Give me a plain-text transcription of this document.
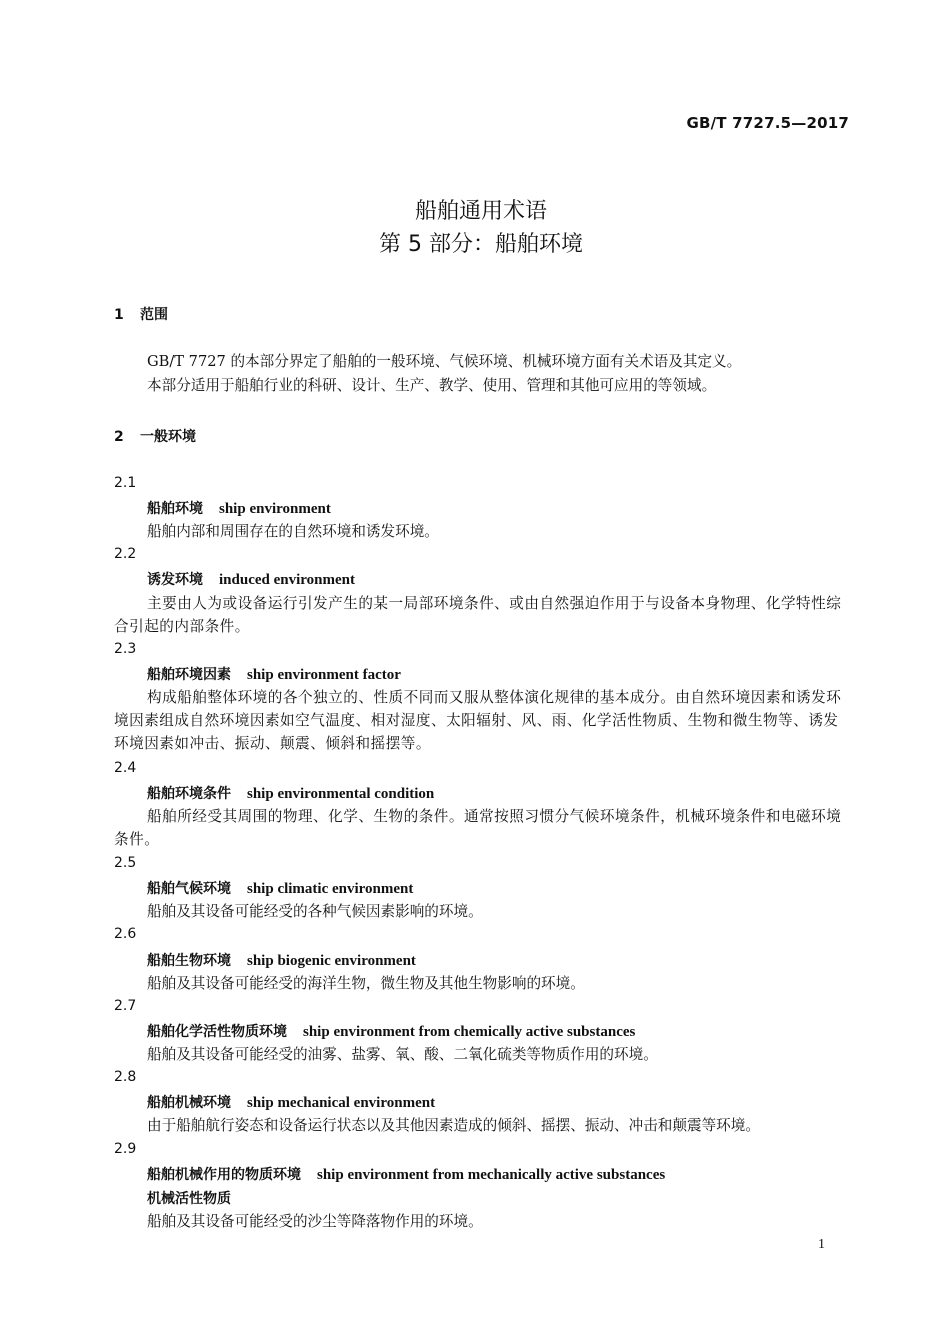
GB/T 7727.5—2017
船舶通用术语
第 5 部分：船舶环境
1 范围
GB/T 7727 的本部分界定了船舶的一般环境、气候环境、机械环境方面有关术语及其定义。
本部分适用于船舶行业的科研、设计、生产、教学、使用、管理和其他可应用的等领域。
2 一般环境
2.1
船舶环境 ship environment
船舶内部和周围存在的自然环境和诱发环境。
2.2
诱发环境 induced environment
主要由人为或设备运行引发产生的某一局部环境条件、或由自然强迫作用于与设备本身物理、化学特性综合引起的内部条件。
2.3
船舶环境因素 ship environment factor
构成船舶整体环境的各个独立的、性质不同而又服从整体演化规律的基本成分。由自然环境因素和诱发环境因素组成自然环境因素如空气温度、相对湿度、太阳辐射、风、雨、化学活性物质、生物和微生物等、诱发环境因素如冲击、振动、颠震、倾斜和摇摆等。
2.4
船舶环境条件 ship environmental condition
船舶所经受其周围的物理、化学、生物的条件。通常按照习惯分气候环境条件，机械环境条件和电磁环境条件。
2.5
船舶气候环境 ship climatic environment
船舶及其设备可能经受的各种气候因素影响的环境。
2.6
船舶生物环境 ship biogenic environment
船舶及其设备可能经受的海洋生物，微生物及其他生物影响的环境。
2.7
船舶化学活性物质环境 ship environment from chemically active substances
船舶及其设备可能经受的油雾、盐雾、氧、酸、二氧化硫类等物质作用的环境。
2.8
船舶机械环境 ship mechanical environment
由于船舶航行姿态和设备运行状态以及其他因素造成的倾斜、摇摆、振动、冲击和颠震等环境。
2.9
船舶机械作用的物质环境 ship environment from mechanically active substances
机械活性物质
船舶及其设备可能经受的沙尘等降落物作用的环境。
1
